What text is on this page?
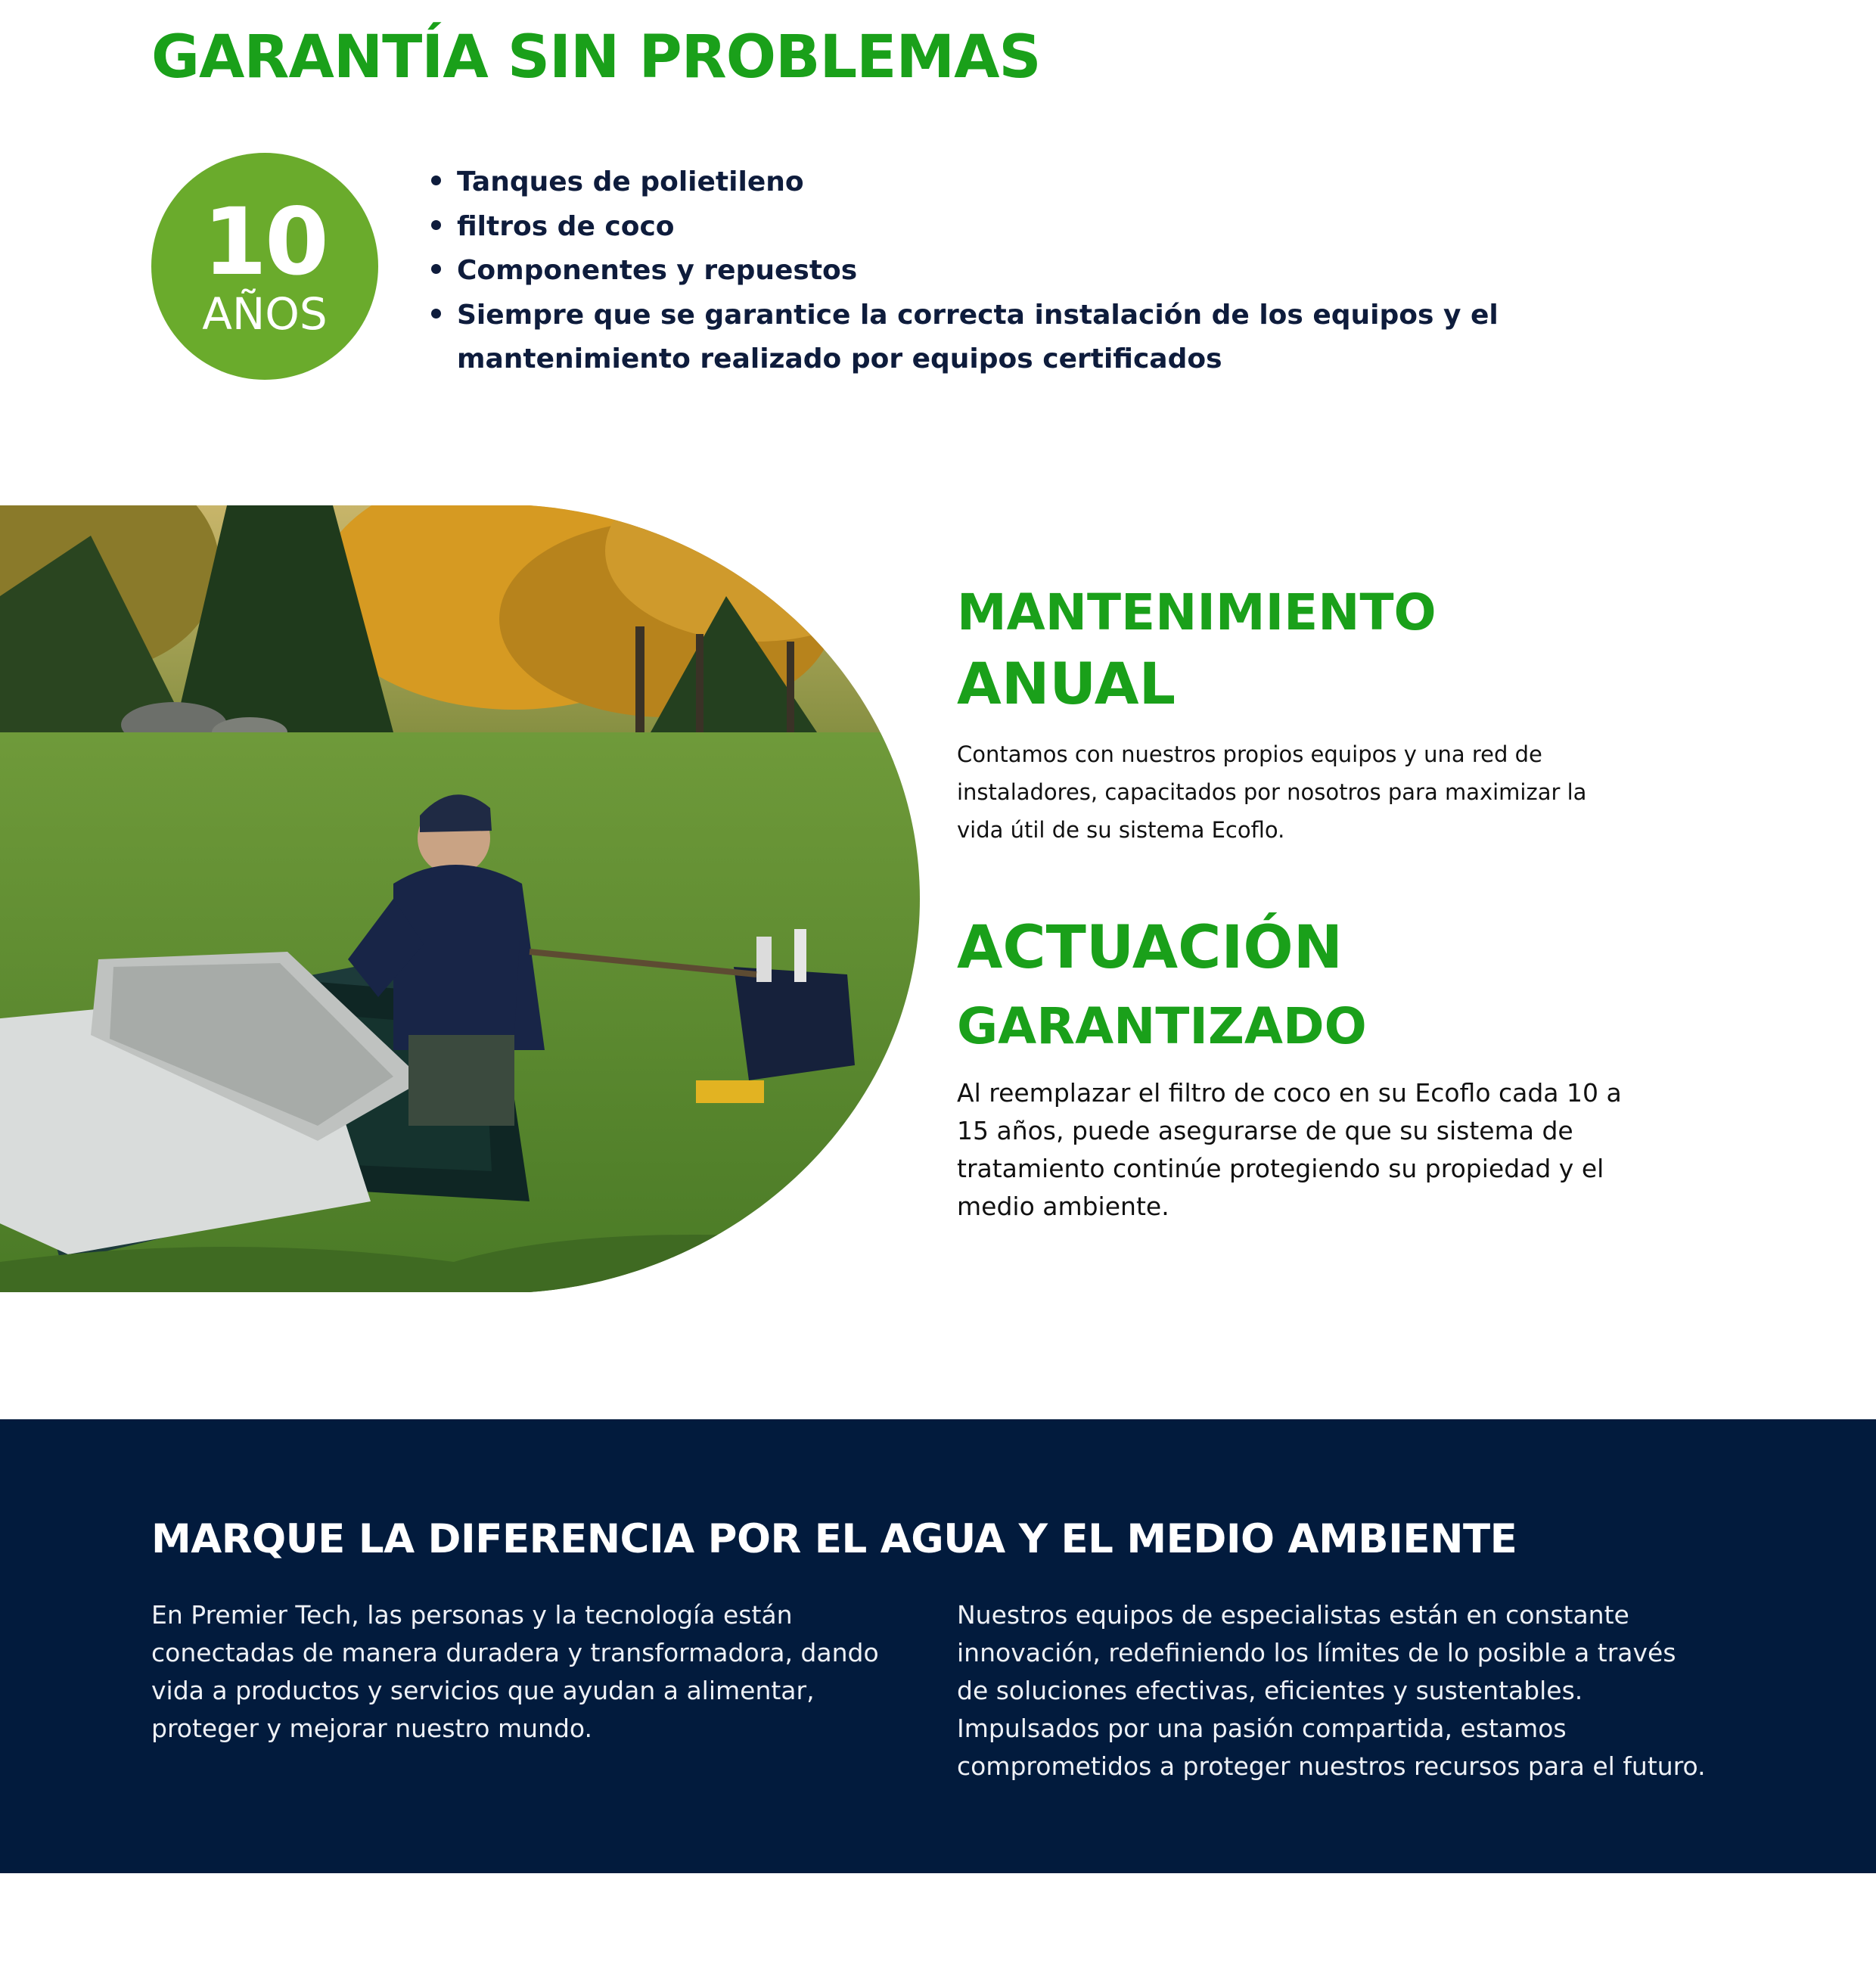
GARANTÍA SIN PROBLEMAS
10
AÑOS
Tanques de polietileno
filtros de coco
Componentes y repuestos
Siempre que se garantice la correcta instalación de los equipos y el mantenimiento realizado por equipos certificados
MANTENIMIENTO
ANUAL

Contamos con nuestros propios equipos y una red de instaladores, capacitados por nosotros para maximizar la vida útil de su sistema Ecoflo.

ACTUACIÓN
GARANTIZADO

Al reemplazar el filtro de coco en su Ecoflo cada 10 a 15 años, puede asegurarse de que su sistema de tratamiento continúe protegiendo su propiedad y el medio ambiente.

MARQUE LA DIFERENCIA POR EL AGUA Y EL MEDIO AMBIENTE

En Premier Tech, las personas y la tecnología están conectadas de manera duradera y transformadora, dando vida a productos y servicios que ayudan a alimentar, proteger y mejorar nuestro mundo.

Nuestros equipos de especialistas están en constante innovación, redefiniendo los límites de lo posible a través de soluciones efectivas, eficientes y sustentables. Impulsados por una pasión compartida, estamos comprometidos a proteger nuestros recursos para el futuro.
